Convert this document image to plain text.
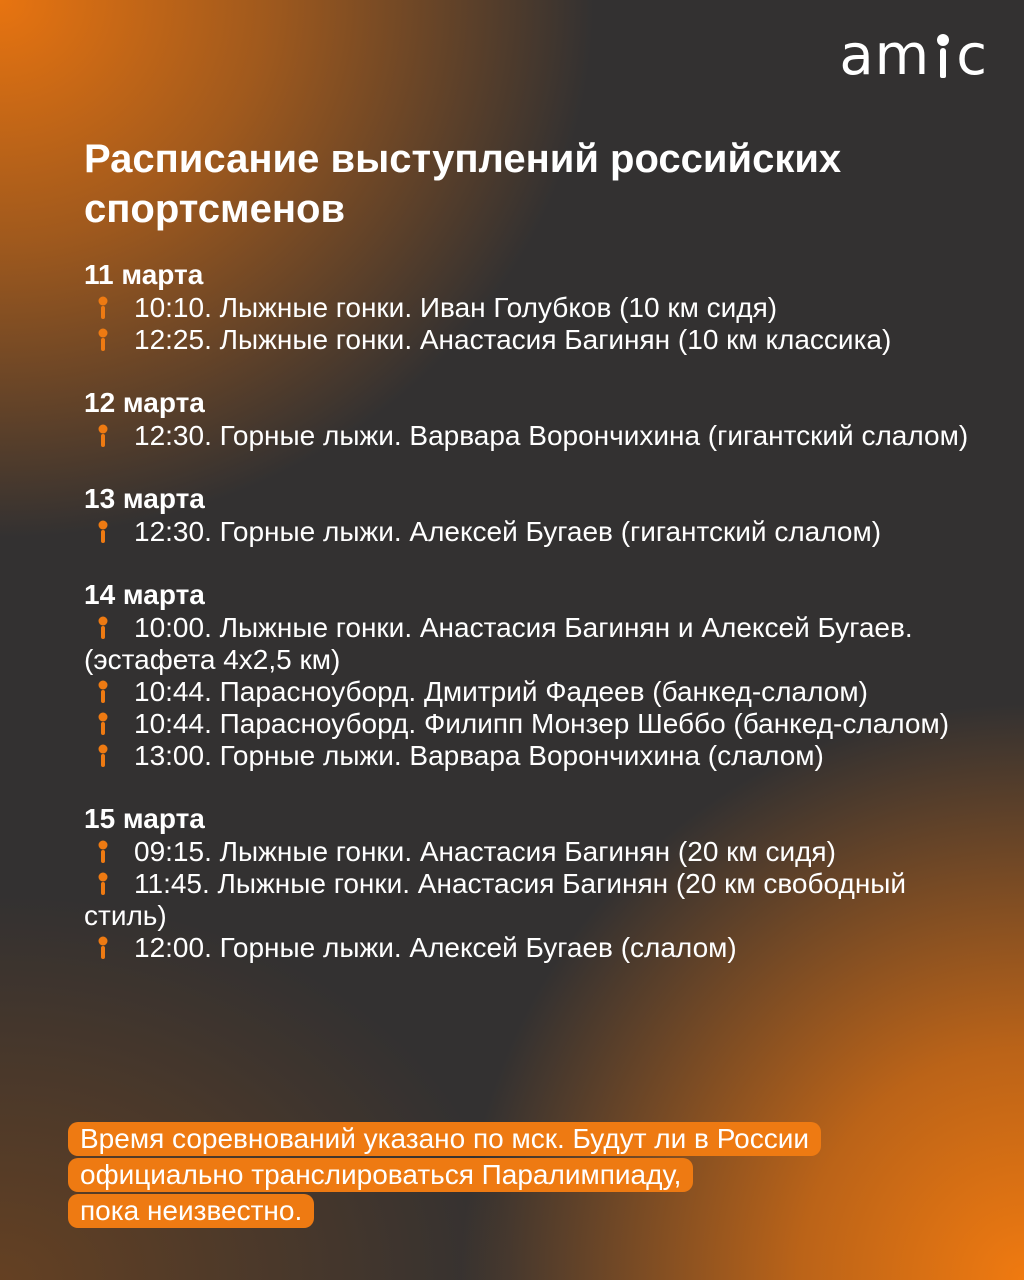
am c
Расписание выступлений российских спортсменов
11 марта

10:10. Лыжные гонки. Иван Голубков (10 км сидя)

12:25. Лыжные гонки. Анастасия Багинян (10 км классика)

12 марта

12:30. Горные лыжи. Варвара Ворончихина (гигантский слалом)

13 марта

12:30. Горные лыжи. Алексей Бугаев (гигантский слалом)

14 марта

10:00. Лыжные гонки. Анастасия Багинян и Алексей Бугаев. (эстафета 4х2,5 км)

10:44. Парасноуборд. Дмитрий Фадеев (банкед-слалом)

10:44. Парасноуборд. Филипп Монзер Шеббо (банкед-слалом)

13:00. Горные лыжи. Варвара Ворончихина (слалом)

15 марта

09:15. Лыжные гонки. Анастасия Багинян (20 км сидя)

11:45. Лыжные гонки. Анастасия Багинян (20 км свободный стиль)

12:00. Горные лыжи. Алексей Бугаев (слалом)

Время соревнований указано по мск. Будут ли в России
официально транслироваться Паралимпиаду,
пока неизвестно.
